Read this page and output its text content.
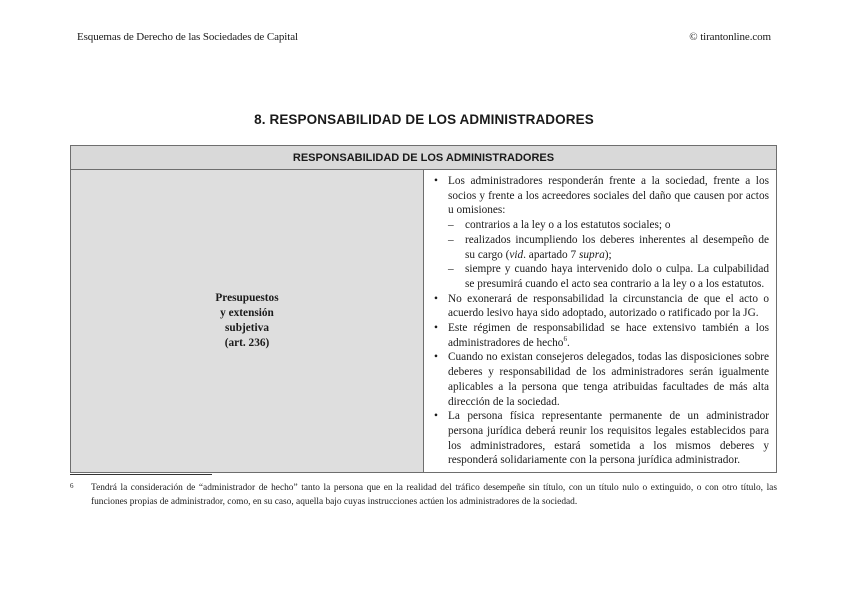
Esquemas de Derecho de las Sociedades de Capital	© tirantonline.com
8. RESPONSABILIDAD DE LOS ADMINISTRADORES
RESPONSABILIDAD DE LOS ADMINISTRADORES

Presupuestos
y extensión
subjetiva
(art. 236)

• Los administradores responderán frente a la sociedad, frente a los socios y frente a los acreedores sociales del daño que causen por actos u omisiones:
– contrarios a la ley o a los estatutos sociales; o
– realizados incumpliendo los deberes inherentes al desempeño de su cargo (vid. apartado 7 supra);
– siempre y cuando haya intervenido dolo o culpa. La culpabilidad se presumirá cuando el acto sea contrario a la ley o a los estatutos.
• No exonerará de responsabilidad la circunstancia de que el acto o acuerdo lesivo haya sido adoptado, autorizado o ratificado por la JG.
• Este régimen de responsabilidad se hace extensivo también a los administradores de hecho$^6$.
• Cuando no existan consejeros delegados, todas las disposiciones sobre deberes y responsabilidad de los administradores serán igualmente aplicables a la persona que tenga atribuidas facultades de más alta dirección de la sociedad.
• La persona física representante permanente de un administrador persona jurídica deberá reunir los requisitos legales establecidos para los administradores, estará sometida a los mismos deberes y responderá solidariamente con la persona jurídica administrador.
6 Tendrá la consideración de “administrador de hecho” tanto la persona que en la realidad del tráfico desempeñe sin título, con un título nulo o extinguido, o con otro título, las funciones propias de administrador, como, en su caso, aquella bajo cuyas instrucciones actúen los administradores de la sociedad.
